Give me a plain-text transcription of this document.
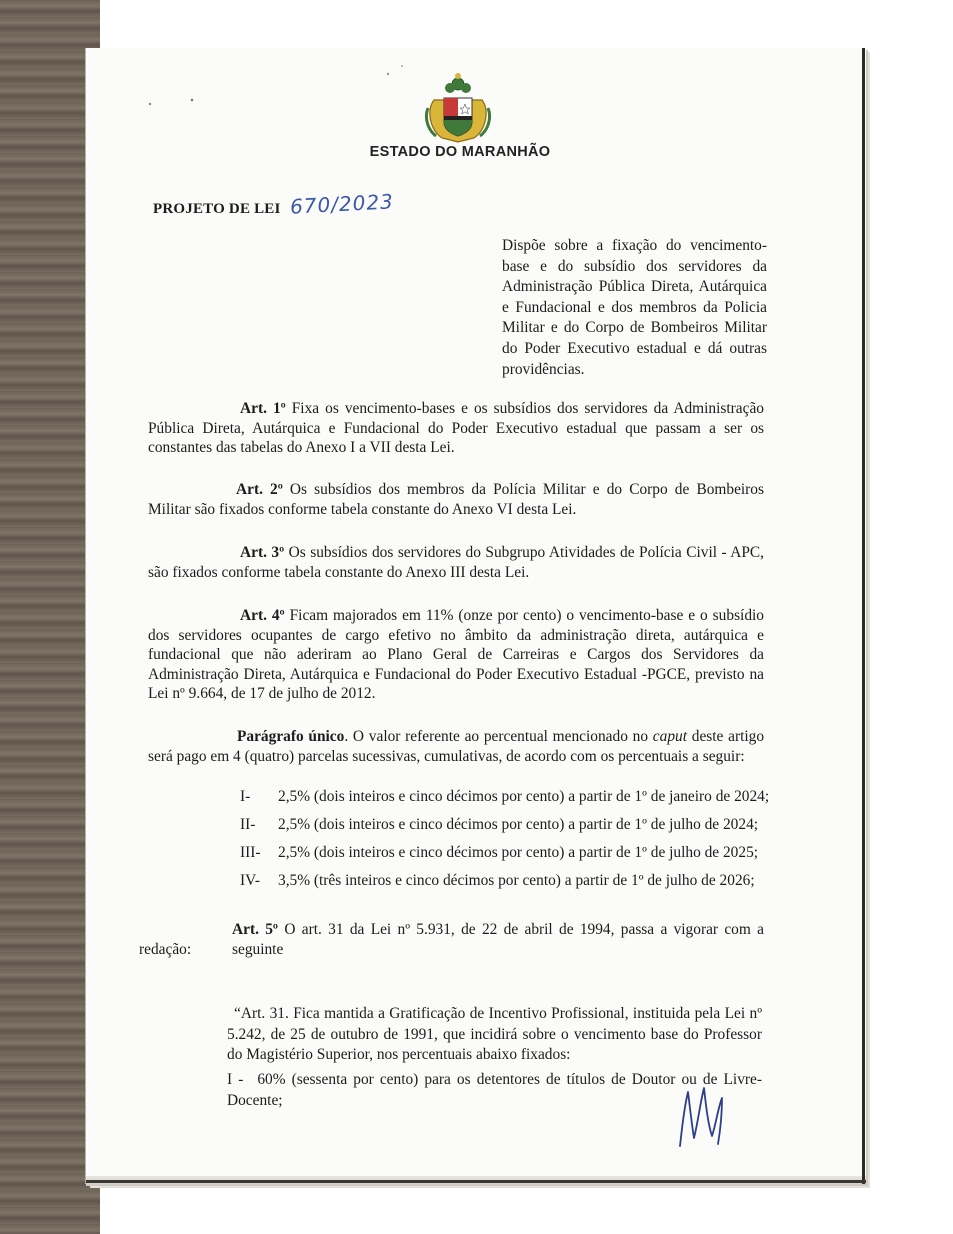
ESTADO DO MARANHÃO
PROJETO DE LEI 670/2023
Dispõe sobre a fixação do vencimento-base e do subsídio dos servidores da Administração Pública Direta, Autárquica e Fundacional e dos membros da Policia Militar e do Corpo de Bombeiros Militar do Poder Executivo estadual e dá outras providências.
Art. 1º Fixa os vencimento-bases e os subsídios dos servidores da Administração Pública Direta, Autárquica e Fundacional do Poder Executivo estadual que passam a ser os constantes das tabelas do Anexo I a VII desta Lei.
Art. 2º Os subsídios dos membros da Polícia Militar e do Corpo de Bombeiros Militar são fixados conforme tabela constante do Anexo VI desta Lei.
Art. 3º Os subsídios dos servidores do Subgrupo Atividades de Polícia Civil - APC, são fixados conforme tabela constante do Anexo III desta Lei.
Art. 4º Ficam majorados em 11% (onze por cento) o vencimento-base e o subsídio dos servidores ocupantes de cargo efetivo no âmbito da administração direta, autárquica e fundacional que não aderiram ao Plano Geral de Carreiras e Cargos dos Servidores da Administração Direta, Autárquica e Fundacional do Poder Executivo Estadual -PGCE, previsto na Lei nº 9.664, de 17 de julho de 2012.
Parágrafo único. O valor referente ao percentual mencionado no caput deste artigo será pago em 4 (quatro) parcelas sucessivas, cumulativas, de acordo com os percentuais a seguir:
I- 2,5% (dois inteiros e cinco décimos por cento) a partir de 1º de janeiro de 2024;
II- 2,5% (dois inteiros e cinco décimos por cento) a partir de 1º de julho de 2024;
III- 2,5% (dois inteiros e cinco décimos por cento) a partir de 1º de julho de 2025;
IV- 3,5% (três inteiros e cinco décimos por cento) a partir de 1º de julho de 2026;
Art. 5º O art. 31 da Lei nº 5.931, de 22 de abril de 1994, passa a vigorar com a seguinte
redação:
“Art. 31. Fica mantida a Gratificação de Incentivo Profissional, instituida pela Lei nº 5.242, de 25 de outubro de 1991, que incidirá sobre o vencimento base do Professor do Magistério Superior, nos percentuais abaixo fixados:
I - 60% (sessenta por cento) para os detentores de títulos de Doutor ou de Livre-Docente;
